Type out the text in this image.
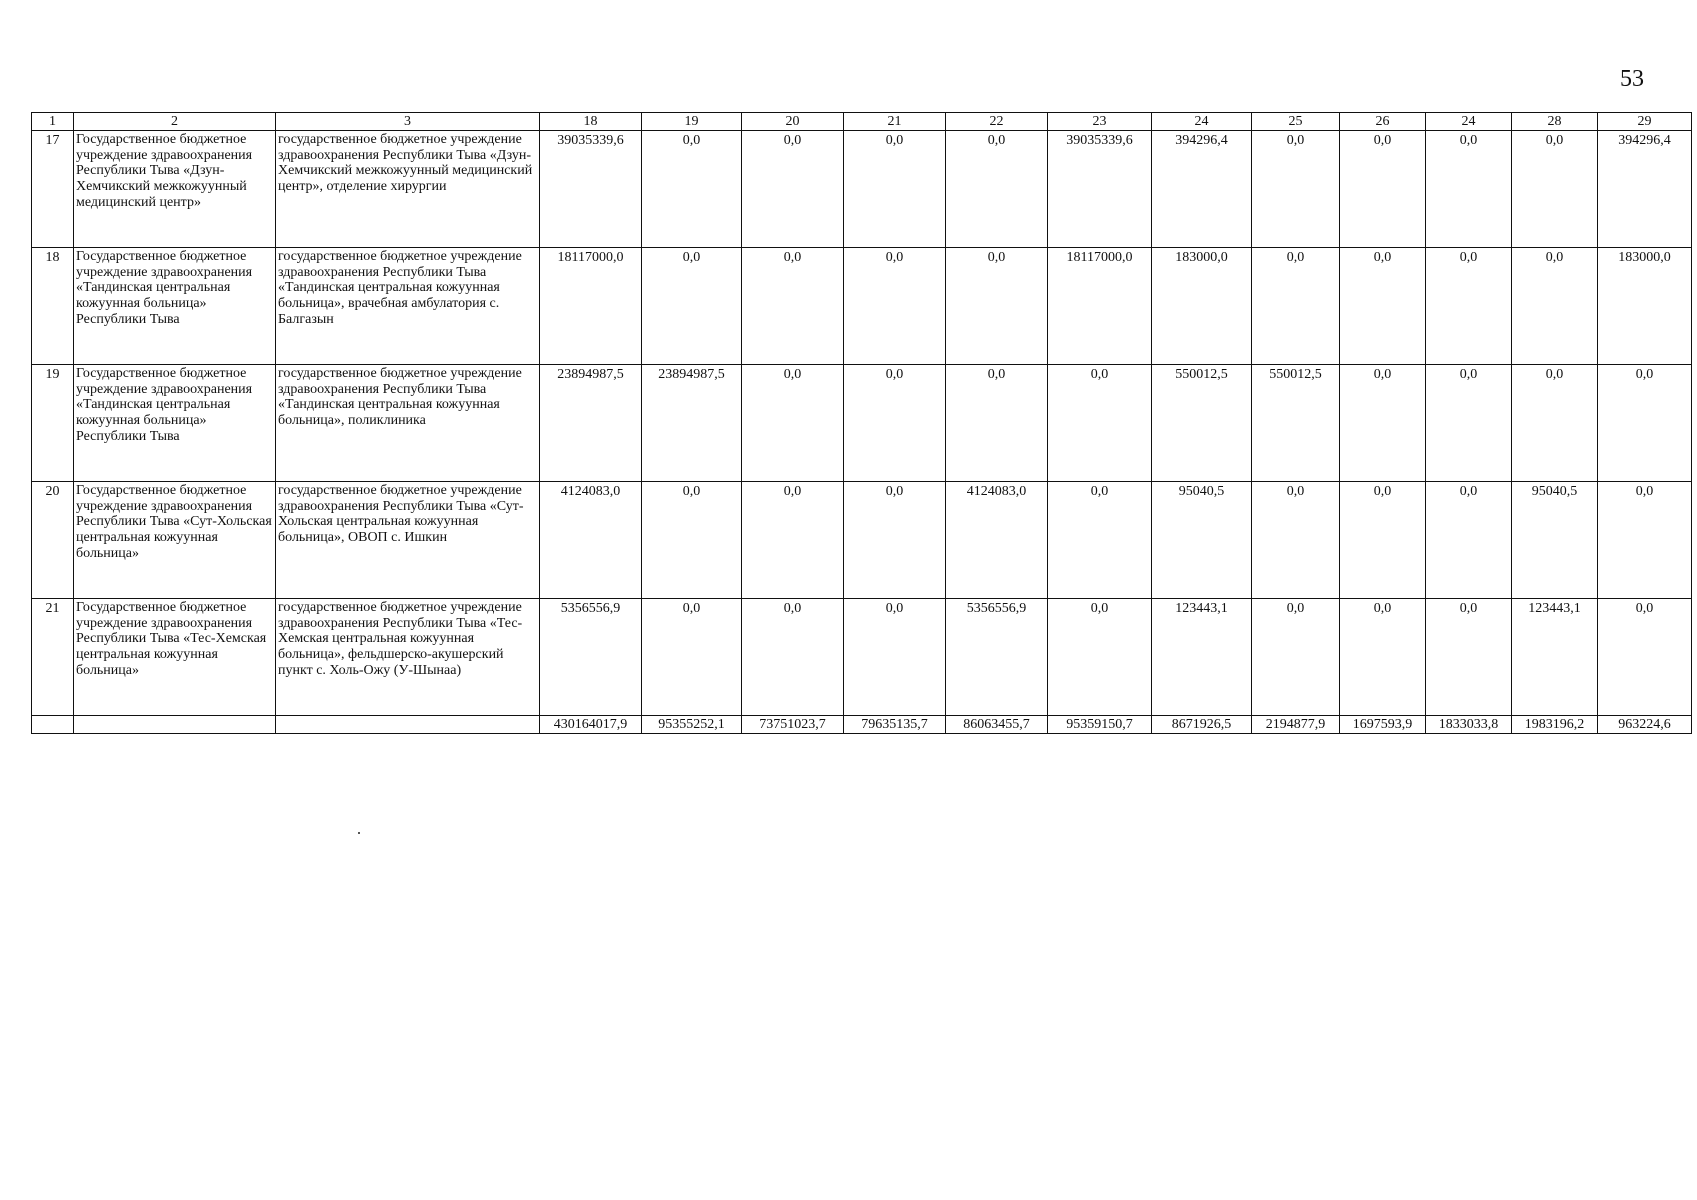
53
1	2	3	18	19	20	21	22	23	24	25	26	24	28	29
17	Государственное бюджетное учреждение здравоохранения Республики Тыва «Дзун-Хемчикский межкожуунный медицинский центр»	государственное бюджетное учреждение здравоохранения Республики Тыва «Дзун-Хемчикский межкожуунный медицинский центр», отделение хирургии	39035339,6	0,0	0,0	0,0	0,0	39035339,6	394296,4	0,0	0,0	0,0	0,0	394296,4
18	Государственное бюджетное учреждение здравоохранения «Тандинская центральная кожуунная больница» Республики Тыва	государственное бюджетное учреждение здравоохранения Республики Тыва «Тандинская центральная кожуунная больница», врачебная амбулатория с. Балгазын	18117000,0	0,0	0,0	0,0	0,0	18117000,0	183000,0	0,0	0,0	0,0	0,0	183000,0
19	Государственное бюджетное учреждение здравоохранения «Тандинская центральная кожуунная больница» Республики Тыва	государственное бюджетное учреждение здравоохранения Республики Тыва «Тандинская центральная кожуунная больница», поликлиника	23894987,5	23894987,5	0,0	0,0	0,0	0,0	550012,5	550012,5	0,0	0,0	0,0	0,0
20	Государственное бюджетное учреждение здравоохранения Республики Тыва «Сут-Хольская центральная кожуунная больница»	государственное бюджетное учреждение здравоохранения Республики Тыва «Сут-Хольская центральная кожуунная больница», ОВОП с. Ишкин	4124083,0	0,0	0,0	0,0	4124083,0	0,0	95040,5	0,0	0,0	0,0	95040,5	0,0
21	Государственное бюджетное учреждение здравоохранения Республики Тыва «Тес-Хемская центральная кожуунная больница»	государственное бюджетное учреждение здравоохранения Республики Тыва «Тес-Хемская центральная кожуунная больница», фельдшерско-акушерский пункт с. Холь-Ожу (У-Шынаа)	5356556,9	0,0	0,0	0,0	5356556,9	0,0	123443,1	0,0	0,0	0,0	123443,1	0,0
			430164017,9	95355252,1	73751023,7	79635135,7	86063455,7	95359150,7	8671926,5	2194877,9	1697593,9	1833033,8	1983196,2	963224,6
